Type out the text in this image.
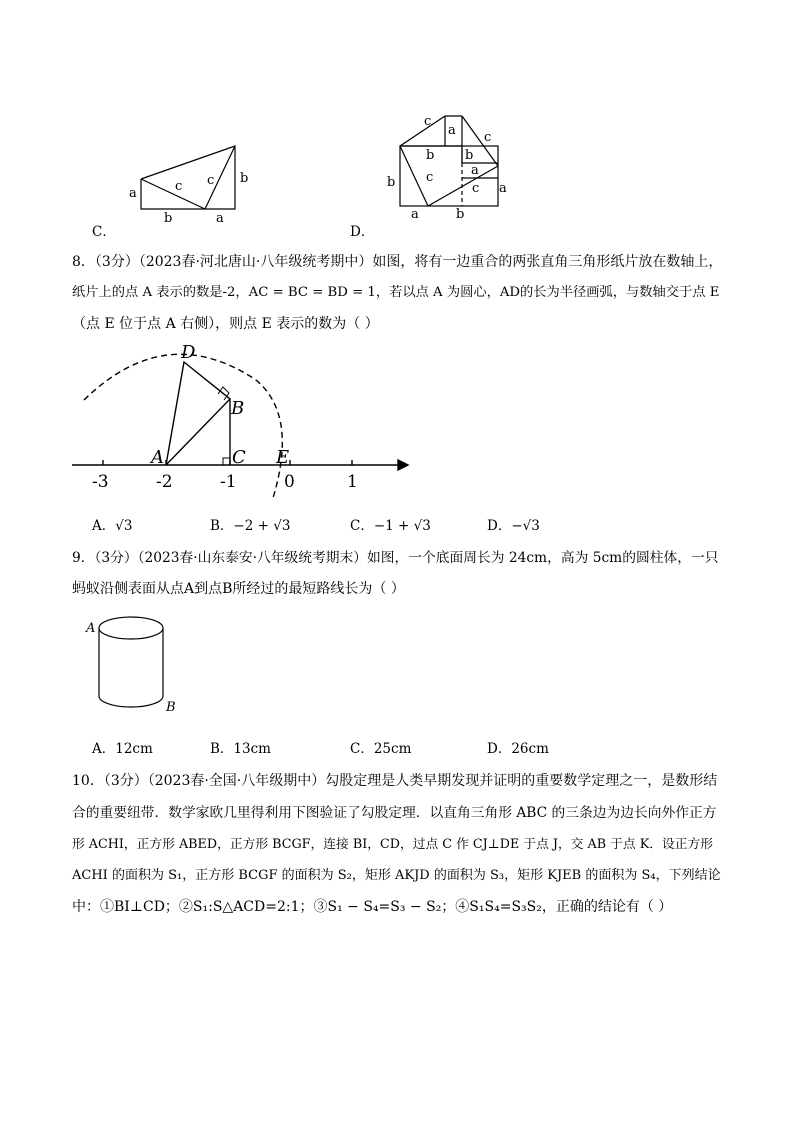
a
b	a
c c b
C．
c
a c
b b
b c	a
c a
a	b
D．
8．（3分）（2023春·河北唐山·八年级统考期中）如图，将有一边重合的两张直角三角形纸片放在数轴上，
纸片上的点 A 表示的数是-2，AC = BC = BD = 1，若以点 A 为圆心，AD的长为半径画弧，与数轴交于点 E
（点 E 位于点 A 右侧），则点 E 表示的数为（ ）
D
B
A	C E
-3	-2	-1	0	1
A．√3	B．−2 + √3	C．−1 + √3	D．−√3
9．（3分）（2023春·山东泰安·八年级统考期末）如图，一个底面周长为 24cm，高为 5cm的圆柱体，一只
蚂蚁沿侧表面从点A到点B所经过的最短路线长为（ ）
A
B
A．12cm	B．13cm	C．25cm	D．26cm
10．（3分）（2023春·全国·八年级期中）勾股定理是人类早期发现并证明的重要数学定理之一，是数形结
合的重要纽带．数学家欧几里得利用下图验证了勾股定理．以直角三角形 ABC 的三条边为边长向外作正方
形 ACHI，正方形 ABED，正方形 BCGF，连接 BI，CD，过点 C 作 CJ⊥DE 于点 J，交 AB 于点 K．设正方形
ACHI 的面积为 S₁，正方形 BCGF 的面积为 S₂，矩形 AKJD 的面积为 S₃，矩形 KJEB 的面积为 S₄，下列结论
中：①BI⊥CD；②S₁:S△ACD=2:1；③S₁ − S₄=S₃ − S₂；④S₁S₄=S₃S₂，正确的结论有（ ）
